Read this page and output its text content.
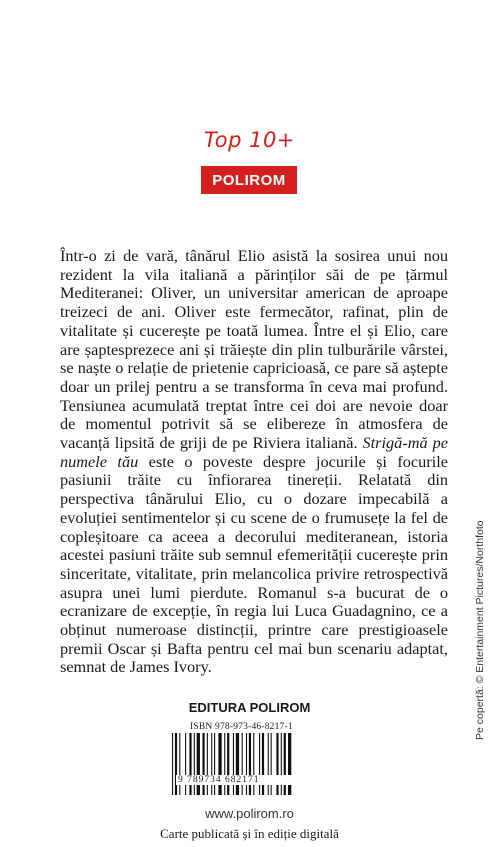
Top 10+
POLIROM

Într-o zi de vară, tânărul Elio asistă la sosirea unui nou rezident la vila italiană a părinților săi de pe țărmul Mediteranei: Oliver, un universitar american de aproape treizeci de ani. Oliver este fermecător, rafinat, plin de vitalitate și cucerește pe toată lumea. Între el și Elio, care are șaptesprezece ani și trăiește din plin tulburările vârstei, se naște o relație de prietenie capricioasă, ce pare să aștepte doar un prilej pentru a se transforma în ceva mai profund. Tensiunea acumulată treptat între cei doi are nevoie doar de momentul potrivit să se elibereze în atmosfera de vacanță lipsită de griji de pe Riviera italiană. Strigă-mă pe numele tău este o poveste despre jocurile și focurile pasiunii trăite cu înfiorarea tinereții. Relatată din perspectiva tânărului Elio, cu o dozare impecabilă a evoluției sentimentelor și cu scene de o frumusețe la fel de copleșitoare ca aceea a decorului mediteranean, istoria acestei pasiuni trăite sub semnul efemerității cucerește prin sinceritate, vitalitate, prin melancolica privire retrospectivă asupra unei lumi pierdute. Romanul s-a bucurat de o ecranizare de excepție, în regia lui Luca Guadagnino, ce a obținut numeroase distincții, printre care prestigioasele premii Oscar și Bafta pentru cel mai bun scenariu adaptat, semnat de James Ivory.

EDITURA POLIROM
ISBN 978-973-46-8217-1
9 789734 682171
www.polirom.ro
Carte publicată și în ediție digitală
Pe copertă: © Entertainment Pictures/Northfoto
